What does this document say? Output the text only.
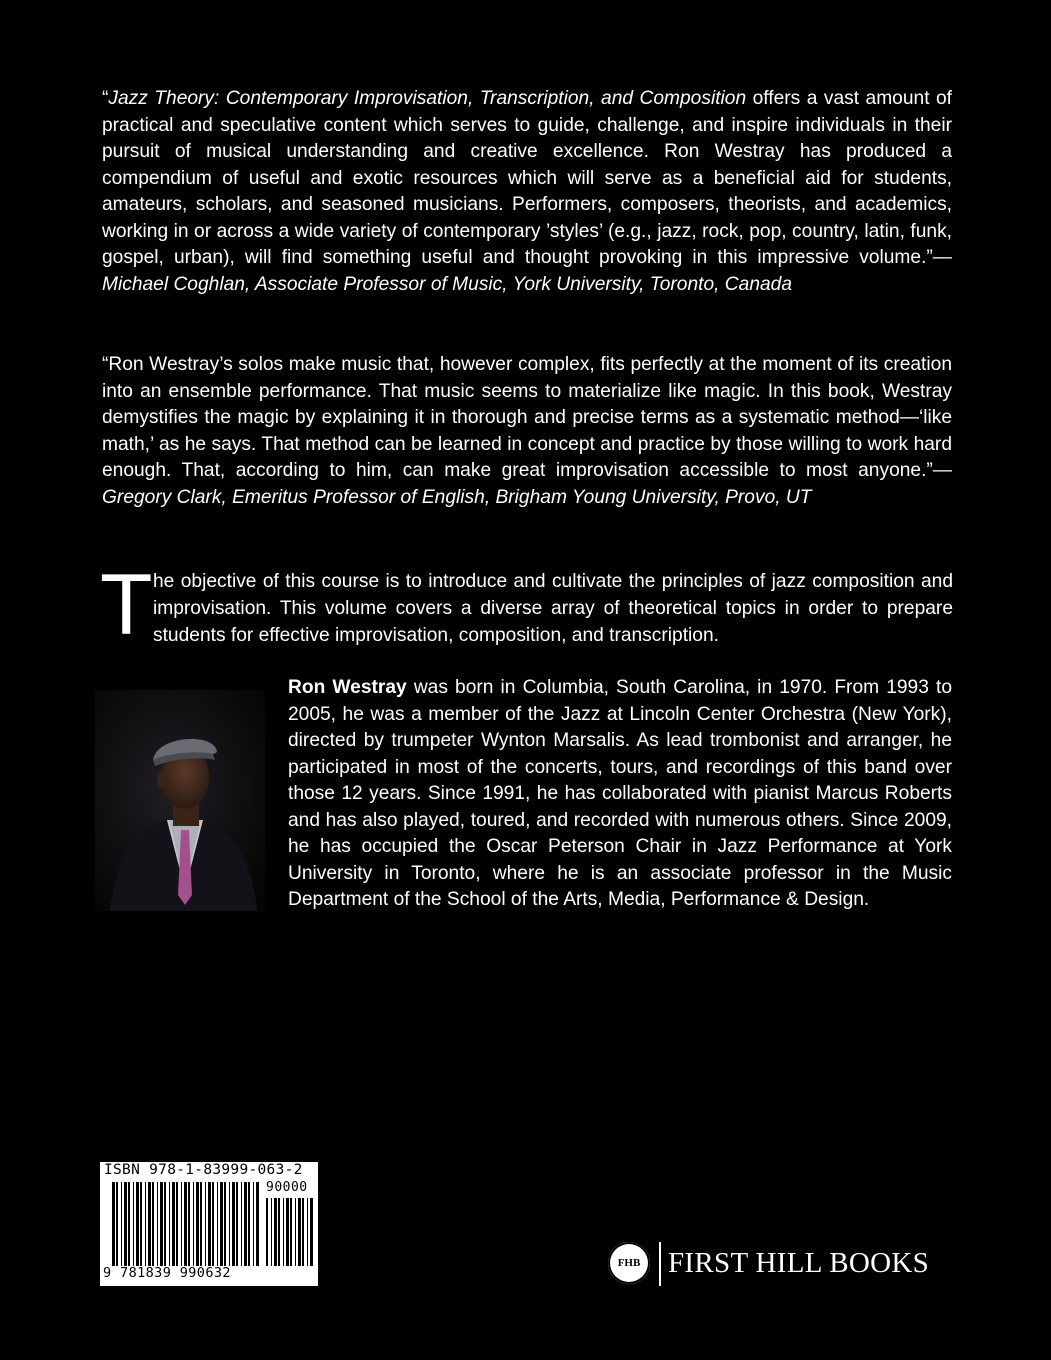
“Jazz Theory: Contemporary Improvisation, Transcription, and Composition offers a vast amount of practical and speculative content which serves to guide, challenge, and inspire individuals in their pursuit of musical understanding and creative excellence. Ron Westray has produced a compendium of useful and exotic resources which will serve as a beneficial aid for students, amateurs, scholars, and seasoned musicians. Performers, composers, theorists, and academics, working in or across a wide variety of contemporary ’styles’ (e.g., jazz, rock, pop, country, latin, funk, gospel, urban), will find something useful and thought provoking in this impressive volume.”— Michael Coghlan, Associate Professor of Music, York University, Toronto, Canada

“Ron Westray’s solos make music that, however complex, fits perfectly at the moment of its creation into an ensemble performance. That music seems to materialize like magic. In this book, Westray demystifies the magic by explaining it in thorough and precise terms as a systematic method—‘like math,’ as he says. That method can be learned in concept and practice by those willing to work hard enough. That, according to him, can make great improvisation accessible to most anyone.”— Gregory Clark, Emeritus Professor of English, Brigham Young University, Provo, UT

T he objective of this course is to introduce and cultivate the principles of jazz composition and improvisation. This volume covers a diverse array of theoretical topics in order to prepare students for effective improvisation, composition, and transcription.

Ron Westray was born in Columbia, South Carolina, in 1970. From 1993 to 2005, he was a member of the Jazz at Lincoln Center Orchestra (New York), directed by trumpeter Wynton Marsalis. As lead trombonist and arranger, he participated in most of the concerts, tours, and recordings of this band over those 12 years. Since 1991, he has collaborated with pianist Marcus Roberts and has also played, toured, and recorded with numerous others. Since 2009, he has occupied the Oscar Peterson Chair in Jazz Performance at York University in Toronto, where he is an associate professor in the Music Department of the School of the Arts, Media, Performance & Design.

ISBN 978-1-83999-063-2
90000
9 781839 990632
FHB FIRST HILL BOOKS
